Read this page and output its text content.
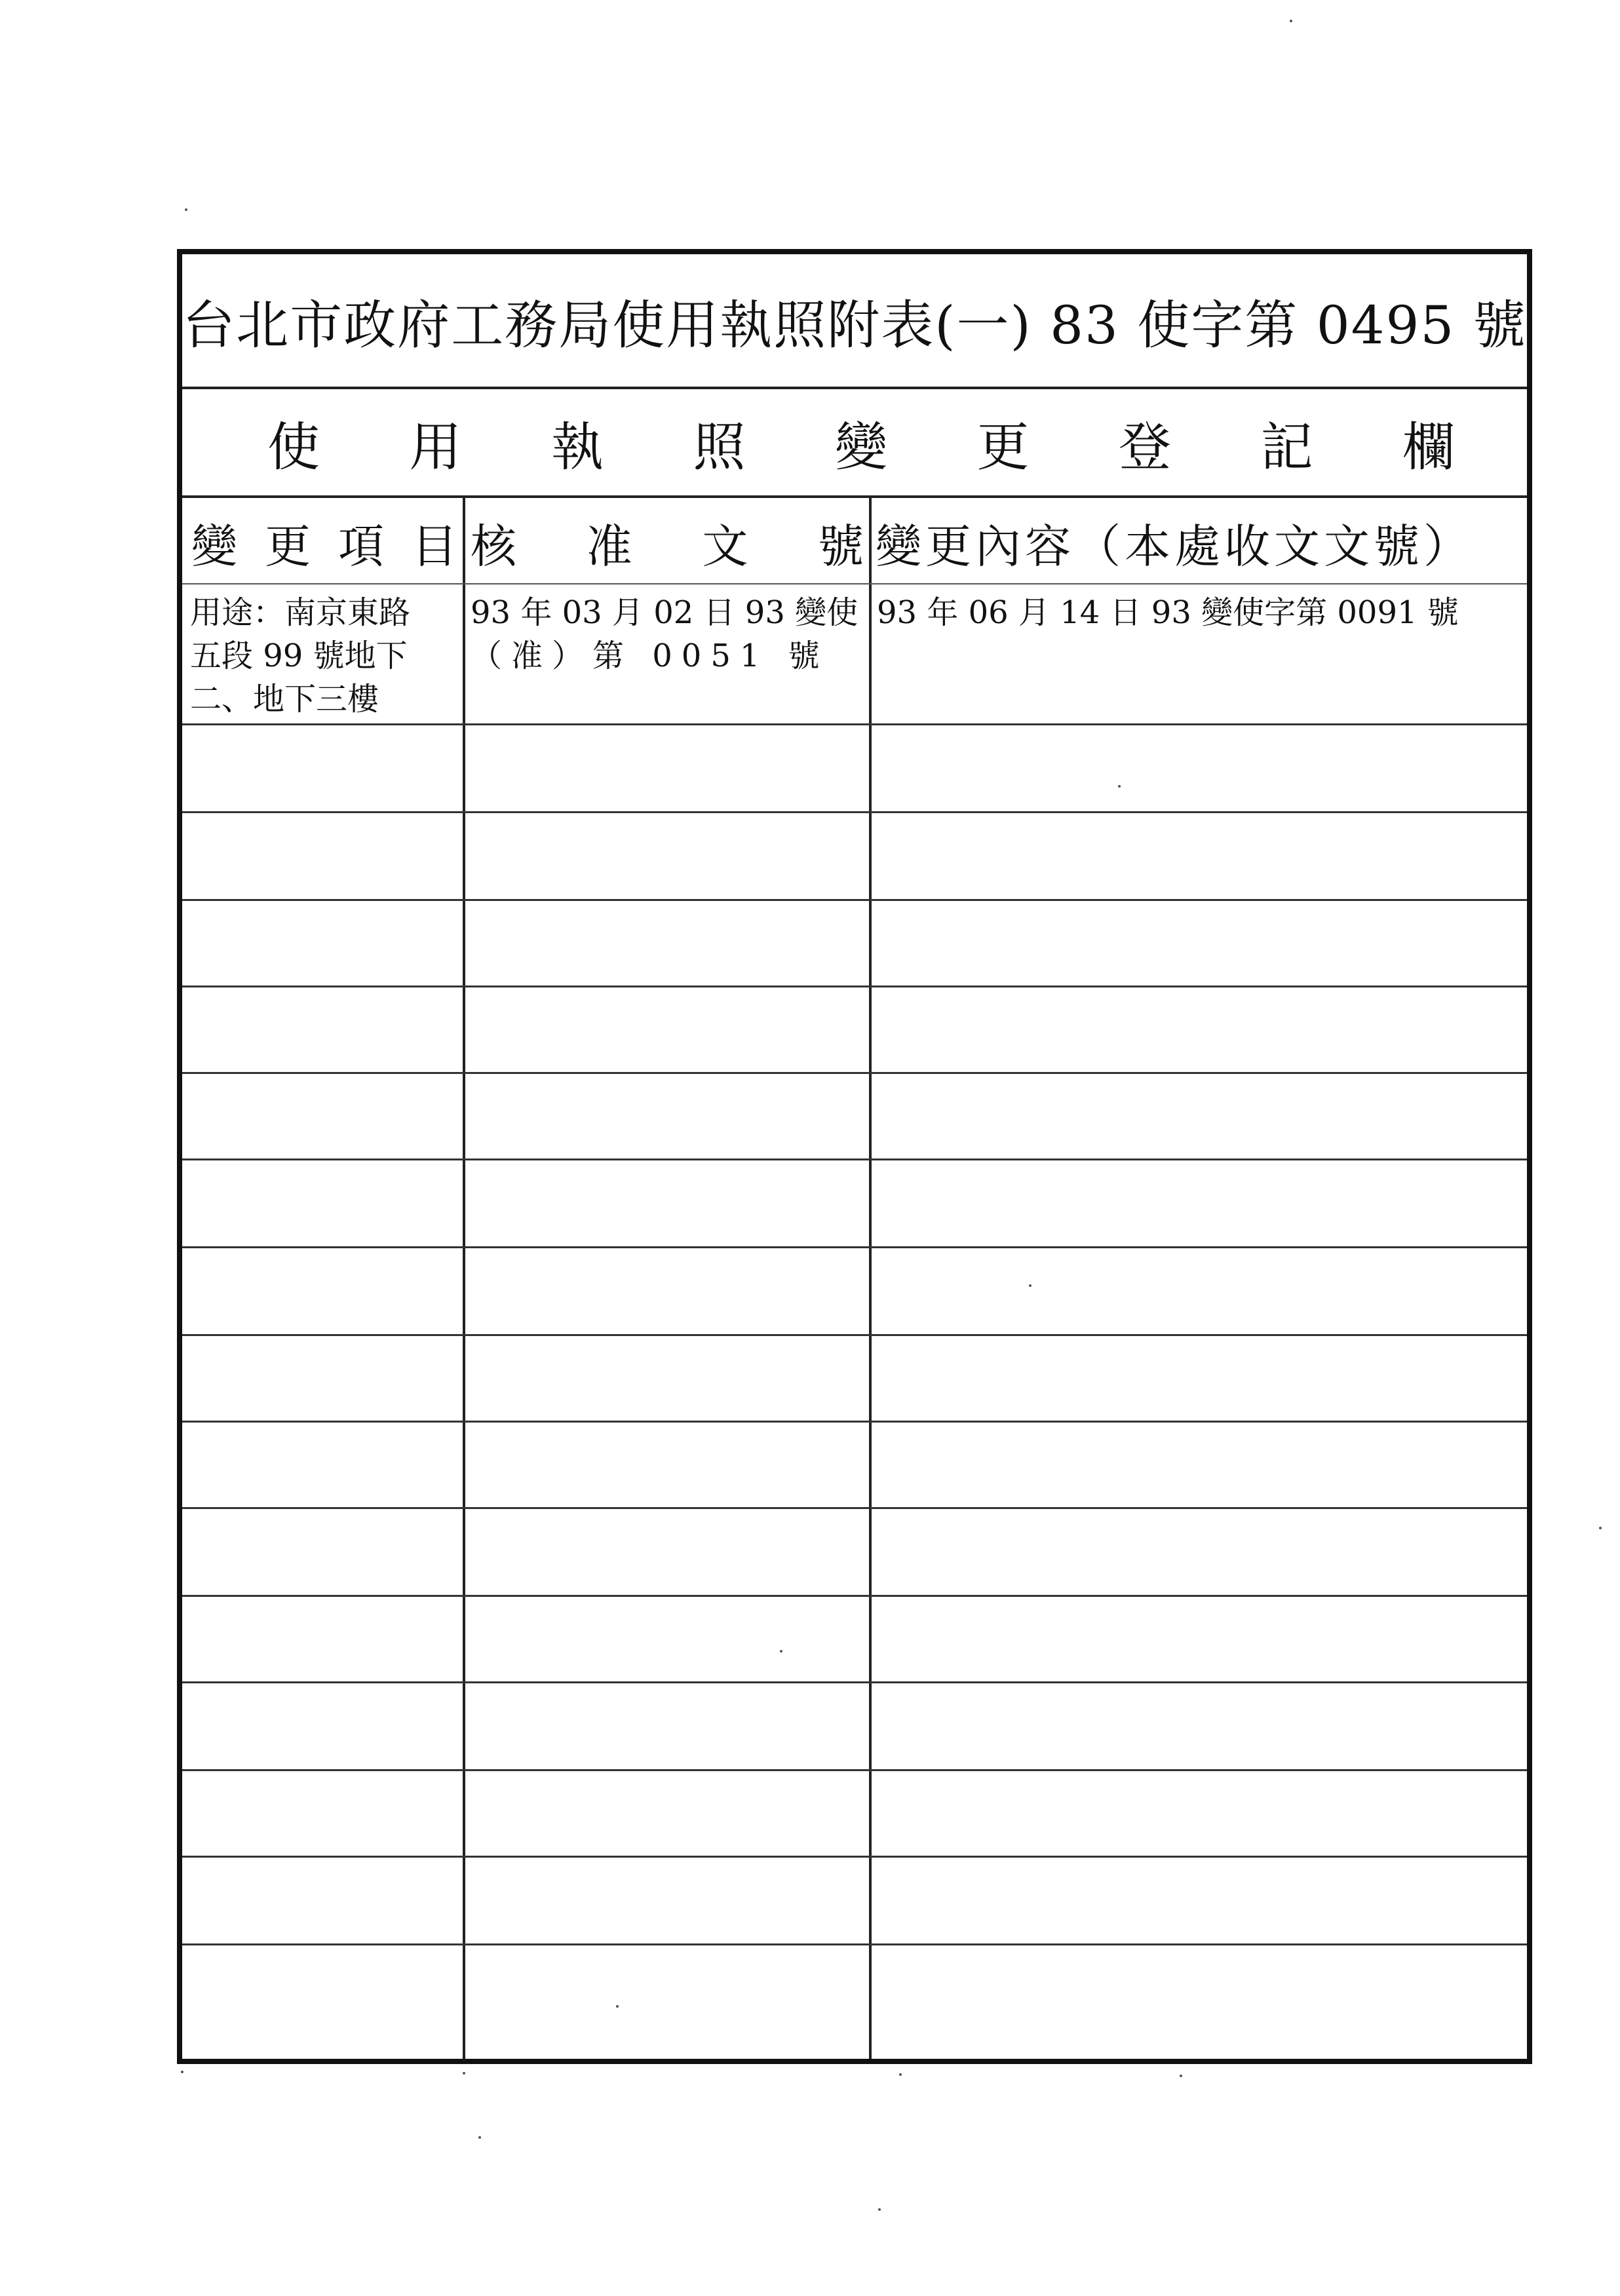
台北市政府工務局使用執照附表(一) 83 使字第 0495 號
使 用 執 照 變 更 登 記 欄
變 更 項 目 核 准 文 號 變更內容（本處收文文號）
用途：南京東路
五段 99 號地下
二、地下三樓
93 年 03 月 02 日 93 變使
（准）第 0051 號
93 年 06 月 14 日 93 變使字第 0091 號
